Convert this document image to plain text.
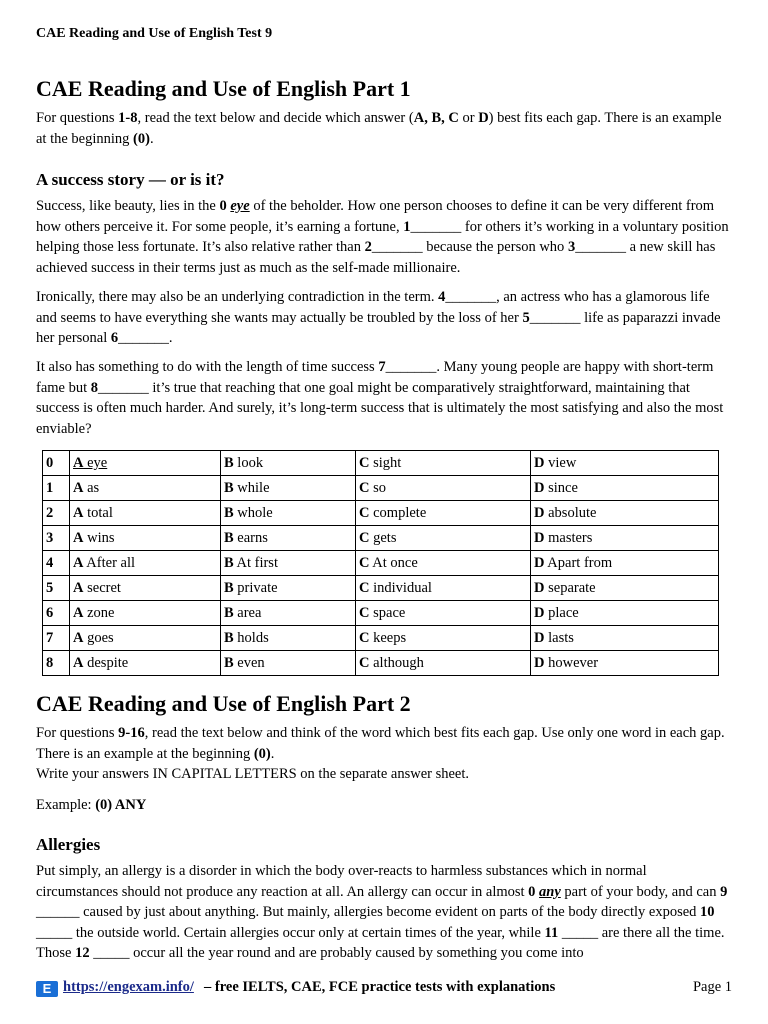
CAE Reading and Use of English Test 9
CAE Reading and Use of English Part 1

For questions 1-8, read the text below and decide which answer (A, B, C or D) best fits each gap. There is an example at the beginning (0).

A success story — or is it?

Success, like beauty, lies in the 0 eye of the beholder. How one person chooses to define it can be very different from how others perceive it. For some people, it’s earning a fortune, 1_______ for others it’s working in a voluntary position helping those less fortunate. It’s also relative rather than 2_______ because the person who 3_______ a new skill has achieved success in their terms just as much as the self-made millionaire.

Ironically, there may also be an underlying contradiction in the term. 4_______, an actress who has a glamorous life and seems to have everything she wants may actually be troubled by the loss of her 5_______ life as paparazzi invade her personal 6_______.

It also has something to do with the length of time success 7_______. Many young people are happy with short-term fame but 8_______ it’s true that reaching that one goal might be comparatively straightforward, maintaining that success is often much harder. And surely, it’s long-term success that is ultimately the most satisfying and also the most enviable?

0	A eye	B look	C sight	D view
1	A as	B while	C so	D since
2	A total	B whole	C complete	D absolute
3	A wins	B earns	C gets	D masters
4	A After all	B At first	C At once	D Apart from
5	A secret	B private	C individual	D separate
6	A zone	B area	C space	D place
7	A goes	B holds	C keeps	D lasts
8	A despite	B even	C although	D however
CAE Reading and Use of English Part 2

For questions 9-16, read the text below and think of the word which best fits each gap. Use only one word in each gap. There is an example at the beginning (0).
Write your answers IN CAPITAL LETTERS on the separate answer sheet.

Example: (0) ANY

Allergies

Put simply, an allergy is a disorder in which the body over-reacts to harmless substances which in normal circumstances should not produce any reaction at all. An allergy can occur in almost 0 any part of your body, and can 9 ______ caused by just about anything. But mainly, allergies become evident on parts of the body directly exposed 10 _____ the outside world. Certain allergies occur only at certain times of the year, while 11 _____ are there all the time. Those 12 _____ occur all the year round and are probably caused by something you come into

E https://engexam.info/ – free IELTS, CAE, FCE practice tests with explanations	Page 1
